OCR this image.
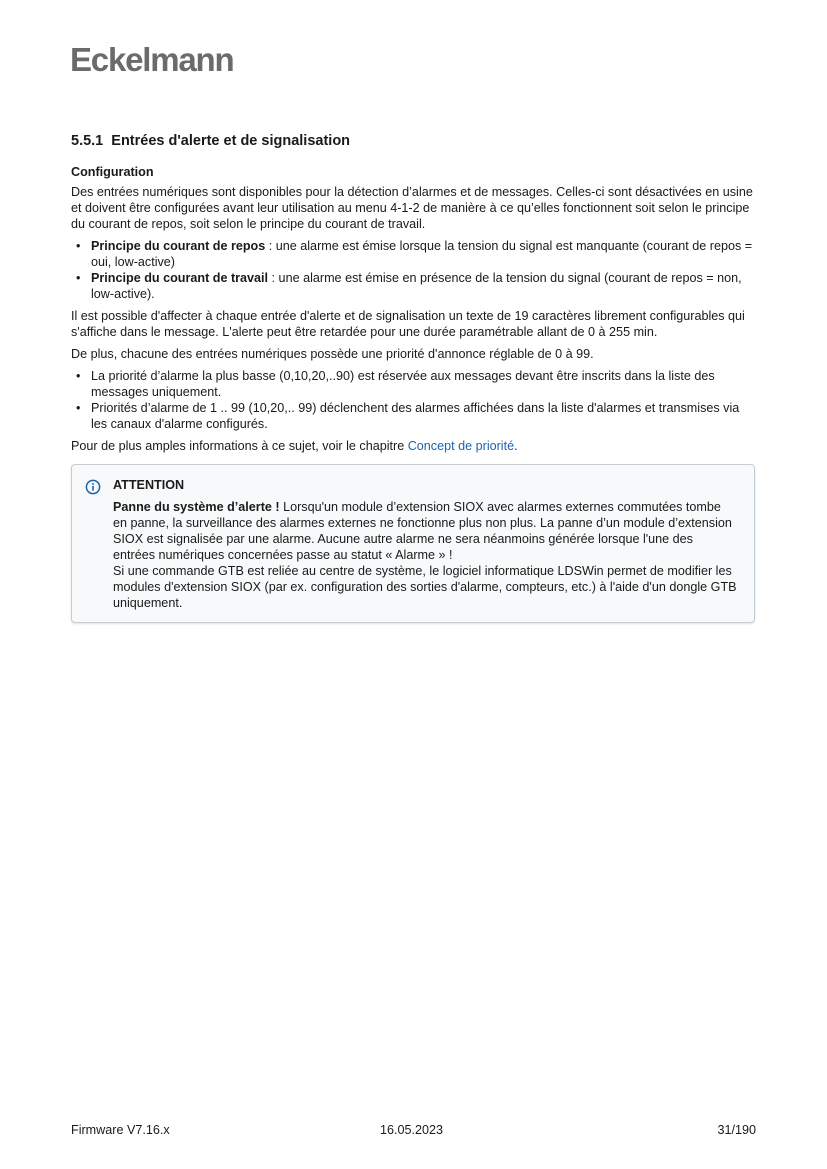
Eckelmann
5.5.1 Entrées d'alerte et de signalisation
Configuration

Des entrées numériques sont disponibles pour la détection d’alarmes et de messages. Celles-ci sont désactivées en usine et doivent être configurées avant leur utilisation au menu 4-1-2 de manière à ce qu’elles fonctionnent soit selon le principe du courant de repos, soit selon le principe du courant de travail.

• Principe du courant de repos : une alarme est émise lorsque la tension du signal est manquante (courant de repos = oui, low-active)
• Principe du courant de travail : une alarme est émise en présence de la tension du signal (courant de repos = non, low-active).

Il est possible d'affecter à chaque entrée d'alerte et de signalisation un texte de 19 caractères librement configurables qui s'affiche dans le message. L'alerte peut être retardée pour une durée paramétrable allant de 0 à 255 min.

De plus, chacune des entrées numériques possède une priorité d'annonce réglable de 0 à 99.

• La priorité d’alarme la plus basse (0,10,20,..90) est réservée aux messages devant être inscrits dans la liste des messages uniquement.
• Priorités d’alarme de 1 .. 99 (10,20,.. 99) déclenchent des alarmes affichées dans la liste d'alarmes et transmises via les canaux d'alarme configurés.

Pour de plus amples informations à ce sujet, voir le chapitre Concept de priorité.

ATTENTION

Panne du système d’alerte ! Lorsqu'un module d’extension SIOX avec alarmes externes commutées tombe en panne, la surveillance des alarmes externes ne fonctionne plus non plus. La panne d’un module d’extension SIOX est signalisée par une alarme. Aucune autre alarme ne sera néanmoins générée lorsque l'une des entrées numériques concernées passe au statut « Alarme » !

Si une commande GTB est reliée au centre de système, le logiciel informatique LDSWin permet de modifier les modules d'extension SIOX (par ex. configuration des sorties d'alarme, compteurs, etc.) à l'aide d'un dongle GTB uniquement.

Firmware V7.16.x	16.05.2023	31/190
